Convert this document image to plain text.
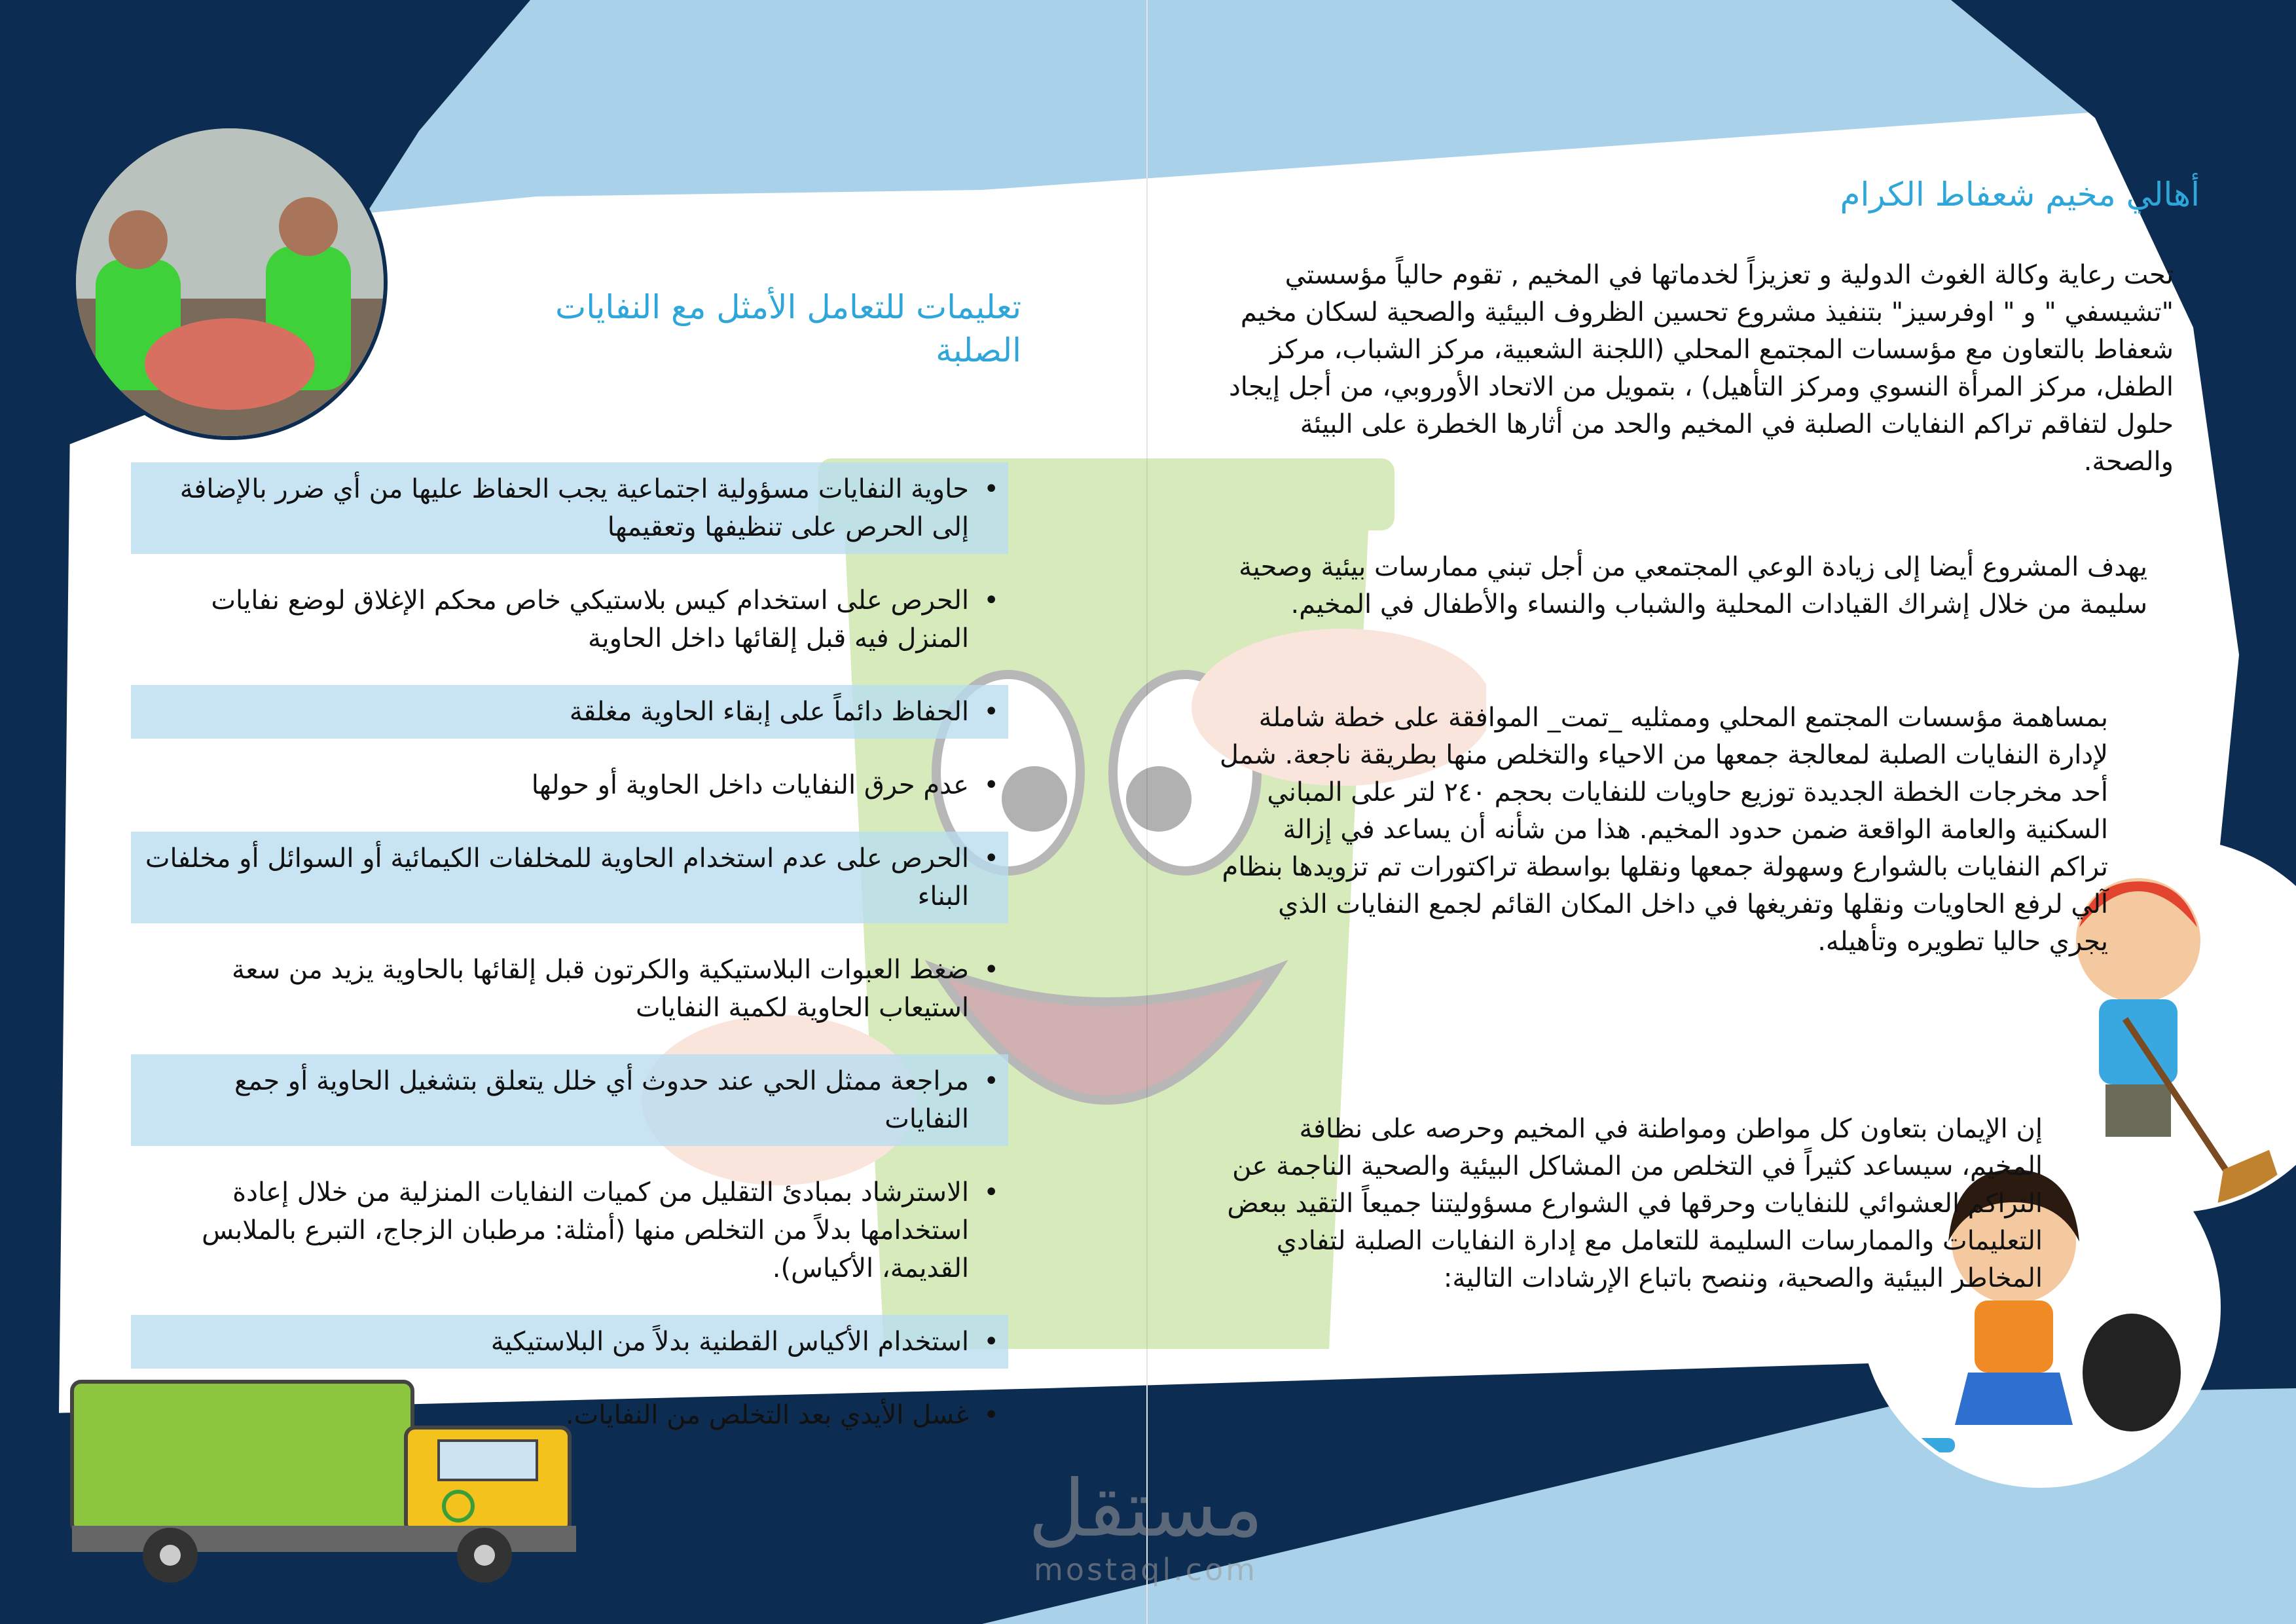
أهالي مخيم شعفاط الكرام
تحت رعاية وكالة الغوث الدولية و تعزيزاً لخدماتها في المخيم , تقوم حالياً مؤسستي "تشيسفي " و " اوفرسيز" بتنفيذ مشروع تحسين الظروف البيئية والصحية لسكان مخيم شعفاط بالتعاون مع مؤسسات المجتمع المحلي (اللجنة الشعبية، مركز الشباب، مركز الطفل، مركز المرأة النسوي ومركز التأهيل) ، بتمويل من الاتحاد الأوروبي، من أجل إيجاد حلول لتفاقم تراكم النفايات الصلبة في المخيم والحد من أثارها الخطرة على البيئة والصحة.
يهدف المشروع أيضا إلى زيادة الوعي المجتمعي من أجل تبني ممارسات بيئية وصحية سليمة من خلال إشراك القيادات المحلية والشباب والنساء والأطفال في المخيم.
بمساهمة مؤسسات المجتمع المحلي وممثليه _تمت_ الموافقة على خطة شاملة لإدارة النفايات الصلبة لمعالجة جمعها من الاحياء والتخلص منها بطريقة ناجعة. شمل أحد مخرجات الخطة الجديدة توزيع حاويات للنفايات بحجم ٢٤٠ لتر على المباني السكنية والعامة الواقعة ضمن حدود المخيم. هذا من شأنه أن يساعد في إزالة تراكم النفايات بالشوارع وسهولة جمعها ونقلها بواسطة تراكتورات تم تزويدها بنظام آلي لرفع الحاويات ونقلها وتفريغها في داخل المكان القائم لجمع النفايات الذي يجري حاليا تطويره وتأهيله.
إن الإيمان بتعاون كل مواطن ومواطنة في المخيم وحرصه على نظافة المخيم، سيساعد كثيراً في التخلص من المشاكل البيئية والصحية الناجمة عن التراكم العشوائي للنفايات وحرقها في الشوارع مسؤوليتنا جميعاً التقيد ببعض التعليمات والممارسات السليمة للتعامل مع إدارة النفايات الصلبة لتفادي المخاطر البيئية والصحية، وننصح باتباع الإرشادات التالية:
تعليمات للتعامل الأمثل مع النفايات الصلبة
حاوية النفايات مسؤولية اجتماعية يجب الحفاظ عليها من أي ضرر بالإضافة إلى الحرص على تنظيفها وتعقيمها •
الحرص على استخدام كيس بلاستيكي خاص محكم الإغلاق لوضع نفايات المنزل فيه قبل إلقائها داخل الحاوية •
الحفاظ دائماً على إبقاء الحاوية مغلقة •
عدم حرق النفايات داخل الحاوية أو حولها •
الحرص على عدم استخدام الحاوية للمخلفات الكيمائية أو السوائل أو مخلفات البناء •
ضغط العبوات البلاستيكية والكرتون قبل إلقائها بالحاوية يزيد من سعة استيعاب الحاوية لكمية النفايات •
مراجعة ممثل الحي عند حدوث أي خلل يتعلق بتشغيل الحاوية أو جمع النفايات •
الاسترشاد بمبادئ التقليل من كميات النفايات المنزلية من خلال إعادة استخدامها بدلاً من التخلص منها (أمثلة: مرطبان الزجاج، التبرع بالملابس القديمة، الأكياس). •
استخدام الأكياس القطنية بدلاً من البلاستيكية •
غسل الأيدي بعد التخلص من النفايات. •
مستقل
mostaql.com
